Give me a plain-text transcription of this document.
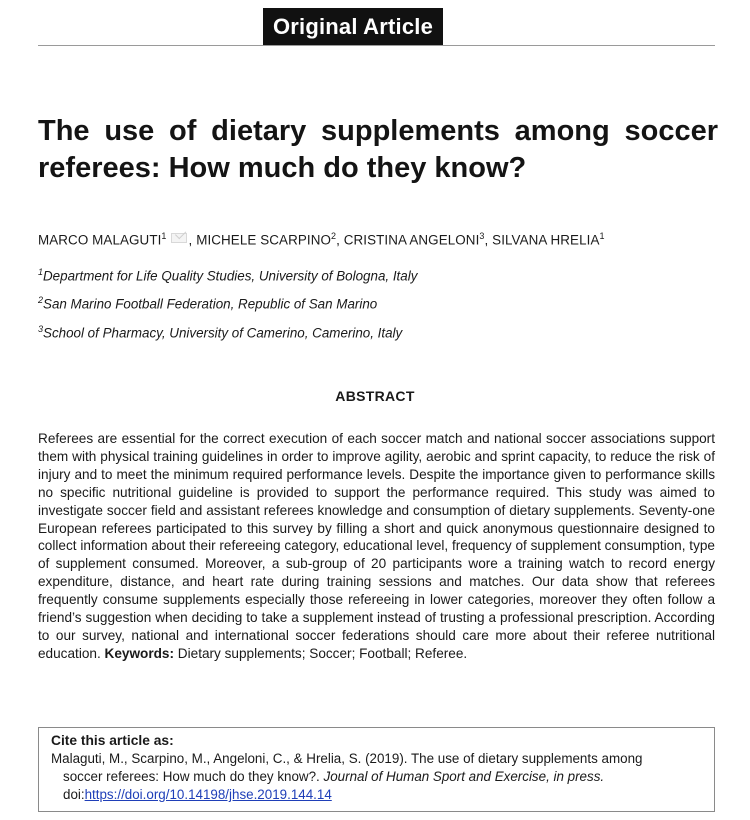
Original Article
The use of dietary supplements among soccer referees: How much do they know?
MARCO MALAGUTI$^1$ , MICHELE SCARPINO$^2$, CRISTINA ANGELONI$^3$, SILVANA HRELIA$^1$
$^1$Department for Life Quality Studies, University of Bologna, Italy
$^2$San Marino Football Federation, Republic of San Marino
$^3$School of Pharmacy, University of Camerino, Camerino, Italy
ABSTRACT

Referees are essential for the correct execution of each soccer match and national soccer associations support them with physical training guidelines in order to improve agility, aerobic and sprint capacity, to reduce the risk of injury and to meet the minimum required performance levels. Despite the importance given to performance skills no specific nutritional guideline is provided to support the performance required. This study was aimed to investigate soccer field and assistant referees knowledge and consumption of dietary supplements. Seventy-one European referees participated to this survey by filling a short and quick anonymous questionnaire designed to collect information about their refereeing category, educational level, frequency of supplement consumption, type of supplement consumed. Moreover, a sub-group of 20 participants wore a training watch to record energy expenditure, distance, and heart rate during training sessions and matches. Our data show that referees frequently consume supplements especially those refereeing in lower categories, moreover they often follow a friend’s suggestion when deciding to take a supplement instead of trusting a professional prescription. According to our survey, national and international soccer federations should care more about their referee nutritional education. Keywords: Dietary supplements; Soccer; Football; Referee.

Cite this article as:
Malaguti, M., Scarpino, M., Angeloni, C., & Hrelia, S. (2019). The use of dietary supplements among
soccer referees: How much do they know?. Journal of Human Sport and Exercise, in press.
doi:https://doi.org/10.14198/jhse.2019.144.14
